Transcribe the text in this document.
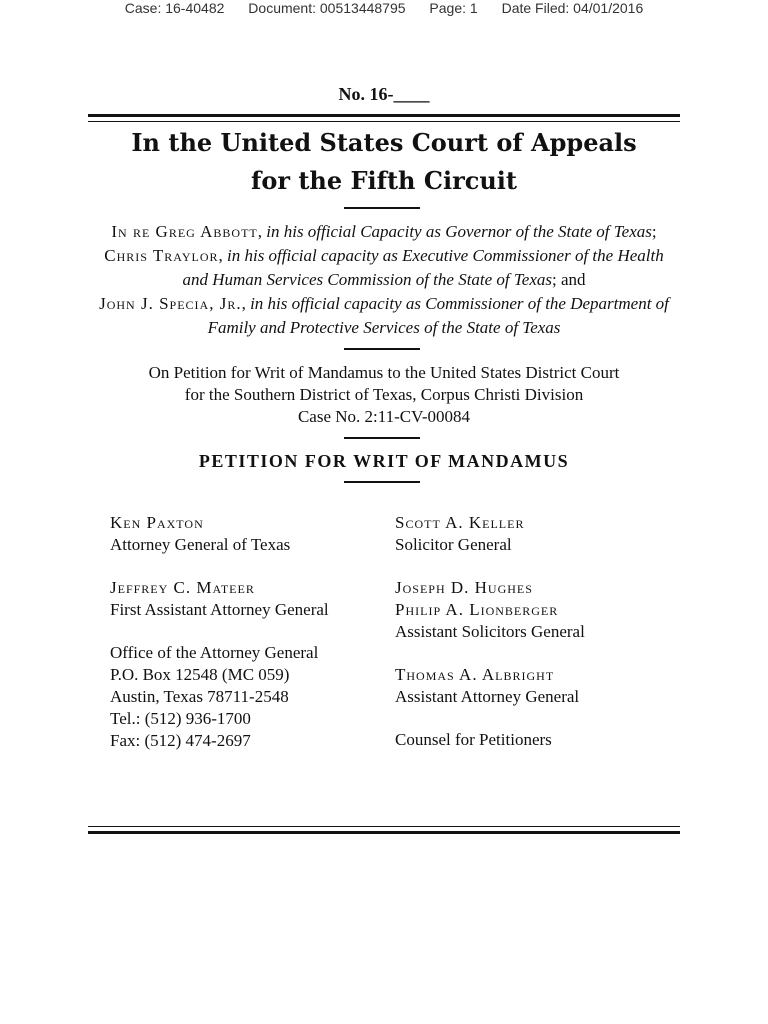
Case: 16-40482 Document: 00513448795 Page: 1 Date Filed: 04/01/2016
No. 16-____
In the United States Court of Appeals
for the Fifth Circuit
In re Greg Abbott, in his official Capacity as Governor of the State of Texas;
Chris Traylor, in his official capacity as Executive Commissioner of the Health
and Human Services Commission of the State of Texas; and
John J. Specia, Jr., in his official capacity as Commissioner of the Department of
Family and Protective Services of the State of Texas
On Petition for Writ of Mandamus to the United States District Court
for the Southern District of Texas, Corpus Christi Division
Case No. 2:11-CV-00084
PETITION FOR WRIT OF MANDAMUS
Ken Paxton
Attorney General of Texas
Jeffrey C. Mateer
First Assistant Attorney General
Office of the Attorney General
P.O. Box 12548 (MC 059)
Austin, Texas 78711-2548
Tel.: (512) 936-1700
Fax: (512) 474-2697
Scott A. Keller
Solicitor General
Joseph D. Hughes
Philip A. Lionberger
Assistant Solicitors General
Thomas A. Albright
Assistant Attorney General
Counsel for Petitioners
